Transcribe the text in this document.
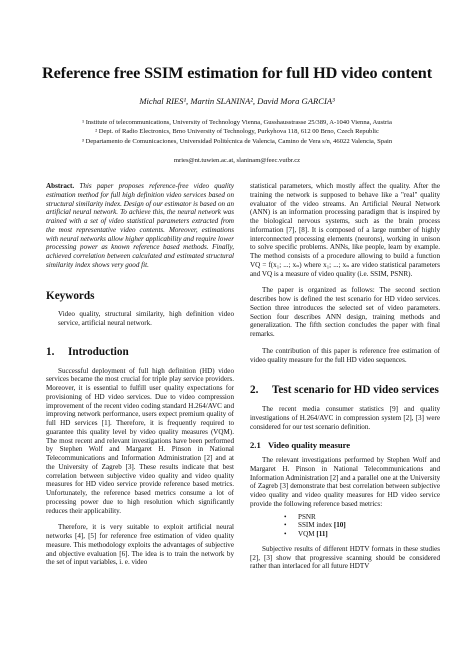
Reference free SSIM estimation for full HD video content
Michal RIES¹, Martin SLANINA², David Mora GARCIA³
¹ Institute of telecommunications, University of Technology Vienna, Gusshausstrasse 25/389, A-1040 Vienna, Austria
² Dept. of Radio Electronics, Brno University of Technology, Purkyhova 118, 612 00 Brno, Czech Republic
³ Departamento de Comunicaciones, Universidad Politécnica de Valencia, Camino de Vera s/n, 46022 Valencia, Spain
mries@nt.tuwien.ac.at, slaninam@feec.vutbr.cz

Abstract. This paper proposes reference-free video quality estimation method for full high definition video services based on structural similarity index. Design of our estimator is based on an artificial neural network. To achieve this, the neural network was trained with a set of video statistical parameters extracted from the most representative video contents. Moreover, estimations with neural networks allow higher applicability and require lower processing power as known reference based methods. Finally, achieved correlation between calculated and estimated structural similarity index shows very good fit.

Keywords
Video quality, structural similarity, high definition video service, artificial neural network.
1. Introduction

Successful deployment of full high definition (HD) video services became the most crucial for triple play service providers. Moreover, it is essential to fulfill user quality expectations for provisioning of HD video services. Due to video compression improvement of the recent video coding standard H.264/AVC and improving network performance, users expect premium quality of full HD services [1]. Therefore, it is frequently required to guarantee this quality level by video quality measures (VQM). The most recent and relevant investigations have been performed by Stephen Wolf and Margaret H. Pinson in National Telecommunications and Information Administration [2] and at the University of Zagreb [3]. These results indicate that best correlation between subjective video quality and video quality measures for HD video service provide reference based metrics. Unfortunately, the reference based metrics consume a lot of processing power due to high resolution which significantly reduces their applicability.

Therefore, it is very suitable to exploit artificial neural networks [4], [5] for reference free estimation of video quality measure. This methodology exploits the advantages of subjective and objective evaluation [6]. The idea is to train the network by the set of input variables, i. e. video

statistical parameters, which mostly affect the quality. After the training the network is supposed to behave like a "real" quality evaluator of the video streams. An Artificial Neural Network (ANN) is an information processing paradigm that is inspired by the biological nervous systems, such as the brain process information [7], [8]. It is composed of a large number of highly interconnected processing elements (neurons), working in unison to solve specific problems. ANNs, like people, learn by example. The method consists of a procedure allowing to build a function VQ = f(x₁; ...; xₙ) where x₁; ...; xₙ are video statistical parameters and VQ is a measure of video quality (i.e. SSIM, PSNR).

The paper is organized as follows: The second section describes how is defined the test scenario for HD video services. Section three introduces the selected set of video parameters. Section four describes ANN design, training methods and generalization. The fifth section concludes the paper with final remarks.

The contribution of this paper is reference free estimation of video quality measure for the full HD video sequences.

2. Test scenario for HD video services

The recent media consumer statistics [9] and quality investigations of H.264/AVC in compression system [2], [3] were considered for our test scenario definition.

2.1 Video quality measure

The relevant investigations performed by Stephen Wolf and Margaret H. Pinson in National Telecommunications and Information Administration [2] and a parallel one at the University of Zagreb [3] demonstrate that best correlation between subjective video quality and video quality measures for HD video service provide the following reference based metrics:

• PSNR
• SSIM index [10]
• VQM [11]

Subjective results of different HDTV formats in these studies [2], [3] show that progressive scanning should be considered rather than interlaced for all future HDTV
